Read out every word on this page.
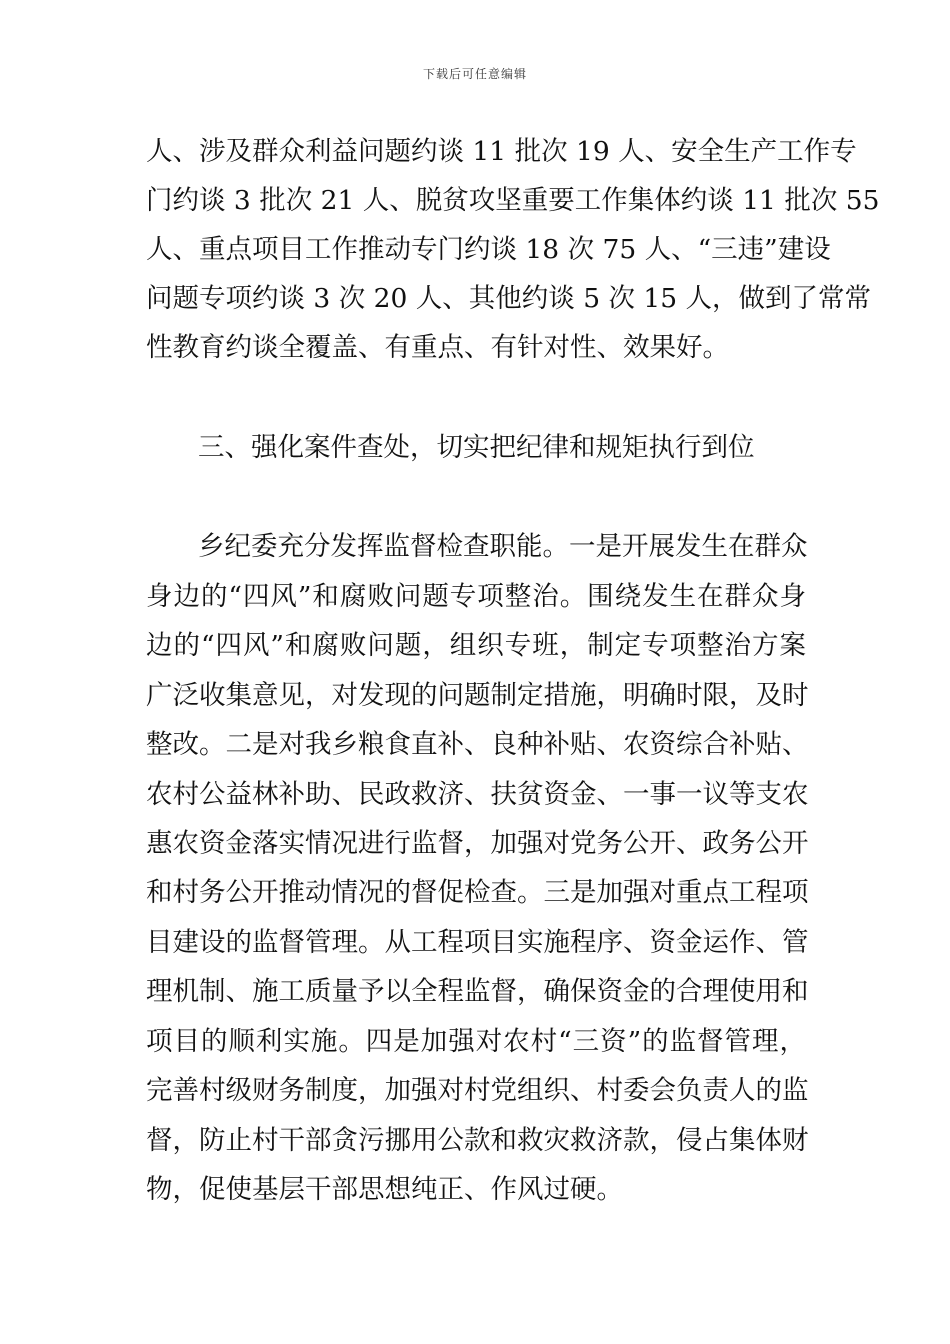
下载后可任意编辑
人、涉及群众利益问题约谈 11 批次 19 人、安全生产工作专
门约谈 3 批次 21 人、脱贫攻坚重要工作集体约谈 11 批次 55
人、重点项目工作推动专门约谈 18 次 75 人、“三违”建设
问题专项约谈 3 次 20 人、其他约谈 5 次 15 人，做到了常常
性教育约谈全覆盖、有重点、有针对性、效果好。
三、强化案件查处，切实把纪律和规矩执行到位
乡纪委充分发挥监督检查职能。一是开展发生在群众
身边的“四风”和腐败问题专项整治。围绕发生在群众身
边的“四风”和腐败问题，组织专班，制定专项整治方案
广泛收集意见，对发现的问题制定措施，明确时限，及时
整改。二是对我乡粮食直补、良种补贴、农资综合补贴、
农村公益林补助、民政救济、扶贫资金、一事一议等支农
惠农资金落实情况进行监督，加强对党务公开、政务公开
和村务公开推动情况的督促检查。三是加强对重点工程项
目建设的监督管理。从工程项目实施程序、资金运作、管
理机制、施工质量予以全程监督，确保资金的合理使用和
项目的顺利实施。四是加强对农村“三资”的监督管理，
完善村级财务制度，加强对村党组织、村委会负责人的监
督，防止村干部贪污挪用公款和救灾救济款，侵占集体财
物，促使基层干部思想纯正、作风过硬。
